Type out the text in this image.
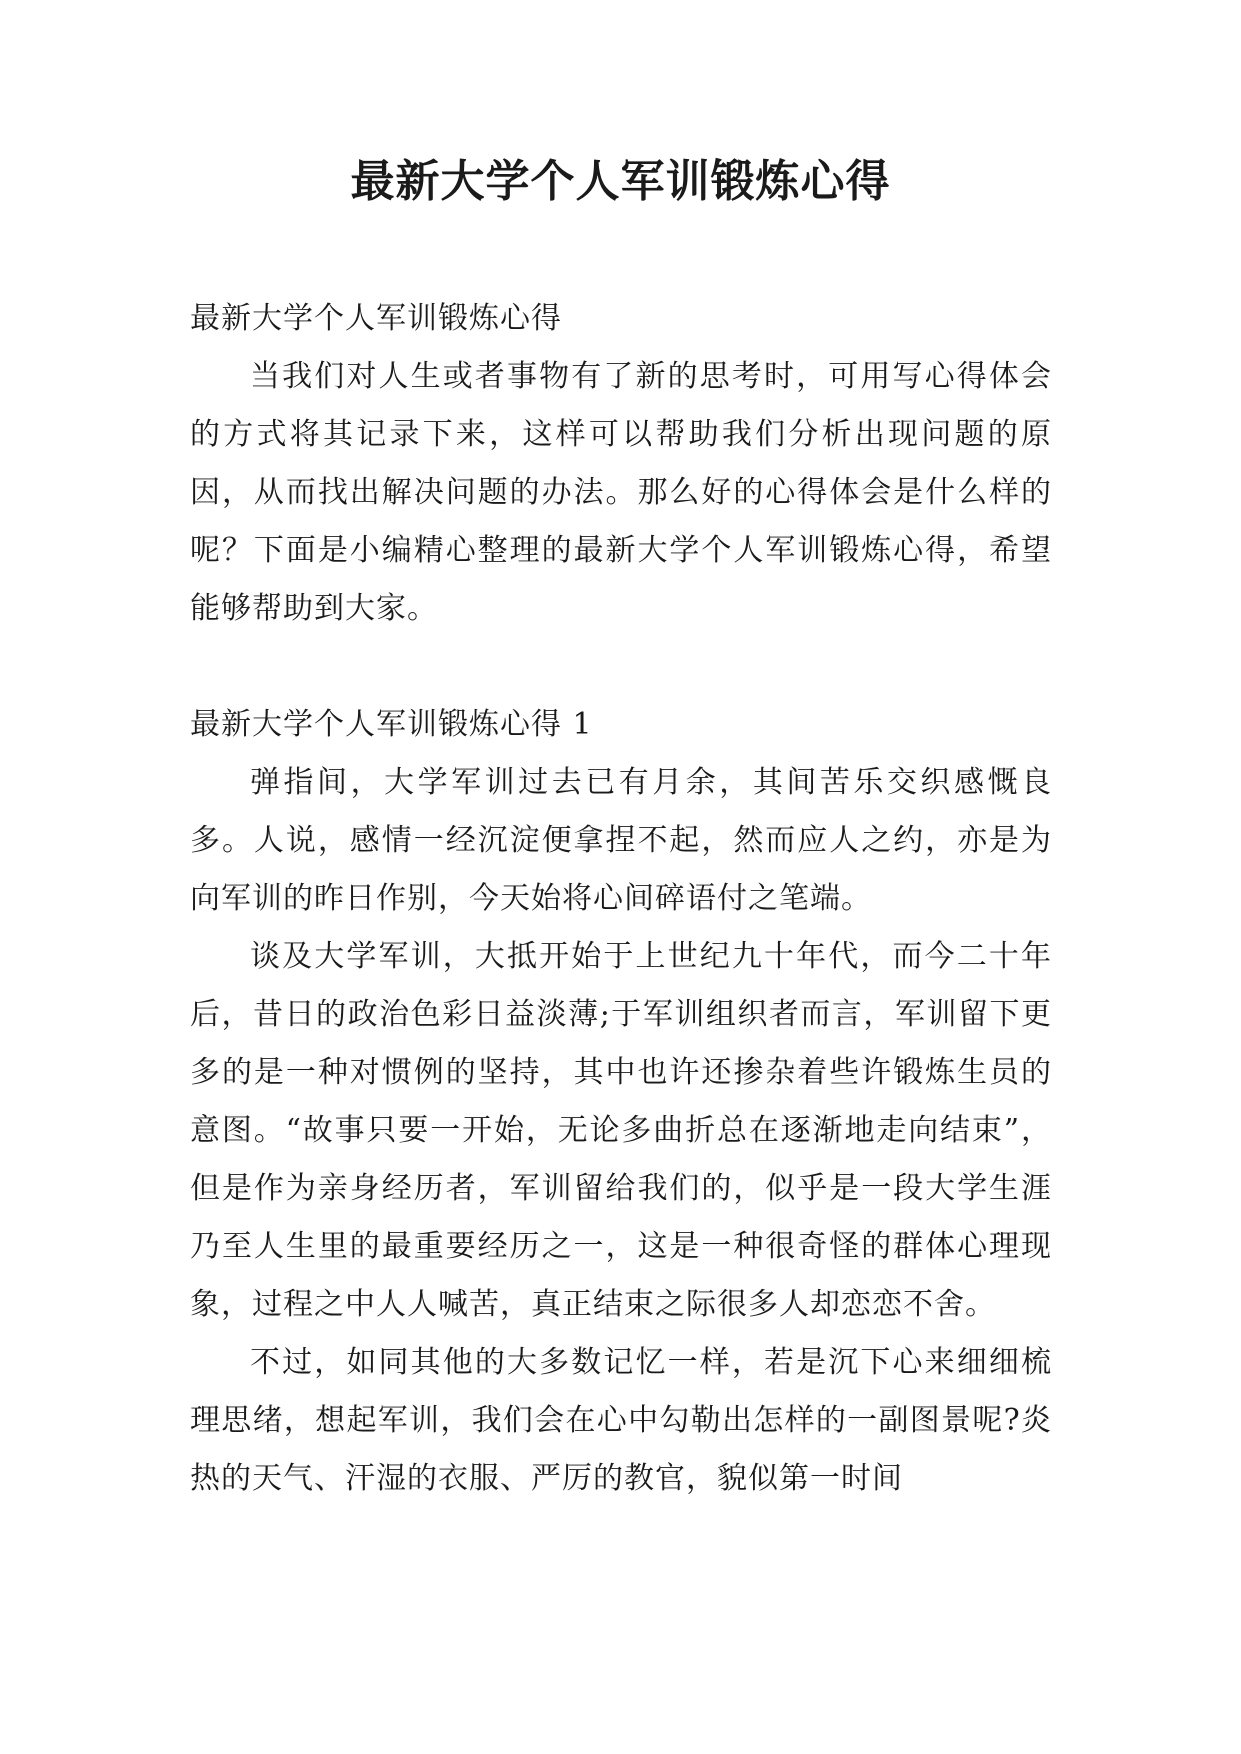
最新大学个人军训锻炼心得

最新大学个人军训锻炼心得

当我们对人生或者事物有了新的思考时，可用写心得体会的方式将其记录下来，这样可以帮助我们分析出现问题的原因，从而找出解决问题的办法。那么好的心得体会是什么样的呢？下面是小编精心整理的最新大学个人军训锻炼心得，希望能够帮助到大家。

最新大学个人军训锻炼心得 1

弹指间，大学军训过去已有月余，其间苦乐交织感慨良多。人说，感情一经沉淀便拿捏不起，然而应人之约，亦是为向军训的昨日作别，今天始将心间碎语付之笔端。

谈及大学军训，大抵开始于上世纪九十年代，而今二十年后，昔日的政治色彩日益淡薄;于军训组织者而言，军训留下更多的是一种对惯例的坚持，其中也许还掺杂着些许锻炼生员的意图。“故事只要一开始，无论多曲折总在逐渐地走向结束”，但是作为亲身经历者，军训留给我们的，似乎是一段大学生涯乃至人生里的最重要经历之一，这是一种很奇怪的群体心理现象，过程之中人人喊苦，真正结束之际很多人却恋恋不舍。

不过，如同其他的大多数记忆一样，若是沉下心来细细梳理思绪，想起军训，我们会在心中勾勒出怎样的一副图景呢?炎热的天气、汗湿的衣服、严厉的教官，貌似第一时间
